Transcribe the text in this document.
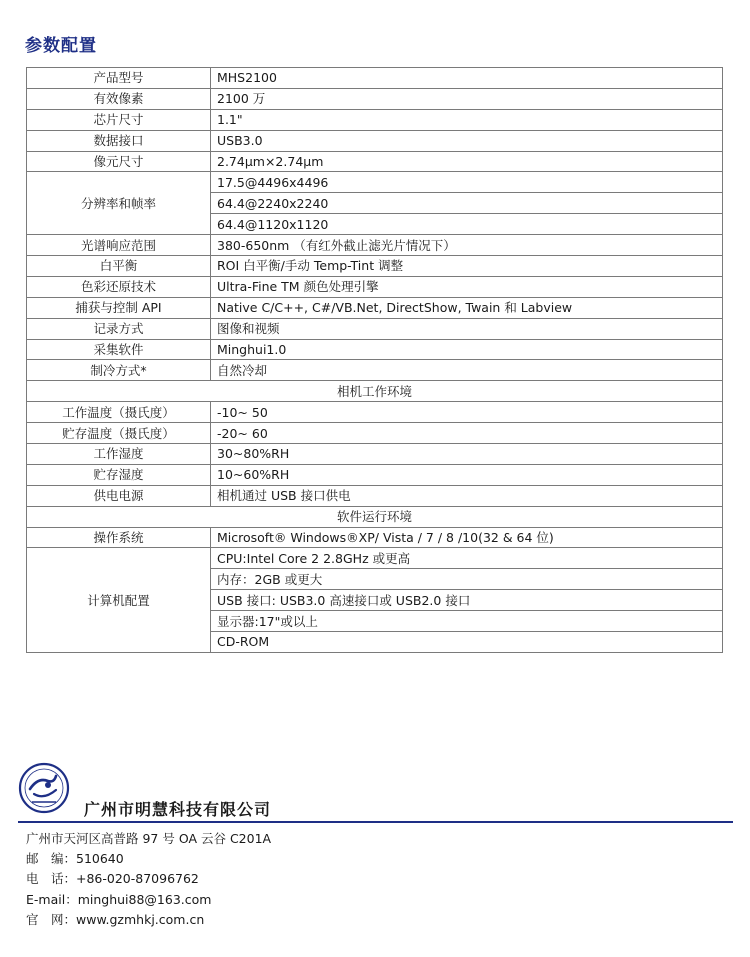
参数配置
产品型号	MHS2100
有效像素	2100 万
芯片尺寸	1.1"
数据接口	USB3.0
像元尺寸	2.74μm×2.74μm
分辨率和帧率	17.5@4496x4496
	64.4@2240x2240
	64.4@1120x1120
光谱响应范围	380-650nm （有红外截止滤光片情况下）
白平衡	ROI 白平衡/手动 Temp-Tint 调整
色彩还原技术	Ultra-Fine TM 颜色处理引擎
捕获与控制 API	Native C/C++, C#/VB.Net, DirectShow, Twain 和 Labview
记录方式	图像和视频
采集软件	Minghui1.0
制冷方式*	自然冷却
相机工作环境	
工作温度（摄氏度）	-10~ 50
贮存温度（摄氏度）	-20~ 60
工作湿度	30~80%RH
贮存湿度	10~60%RH
供电电源	相机通过 USB 接口供电
软件运行环境	
操作系统	Microsoft® Windows®XP/ Vista / 7 / 8 /10(32 & 64 位)
计算机配置	CPU:Intel Core 2 2.8GHz 或更高
	内存：2GB 或更大
	USB 接口: USB3.0 高速接口或 USB2.0 接口
	显示器:17"或以上
	CD-ROM
广州市明慧科技有限公司
广州市天河区高普路 97 号 OA 云谷 C201A
邮　编：510640
电　话：+86-020-87096762
E-mail：minghui88@163.com
官　网：www.gzmhkj.com.cn
